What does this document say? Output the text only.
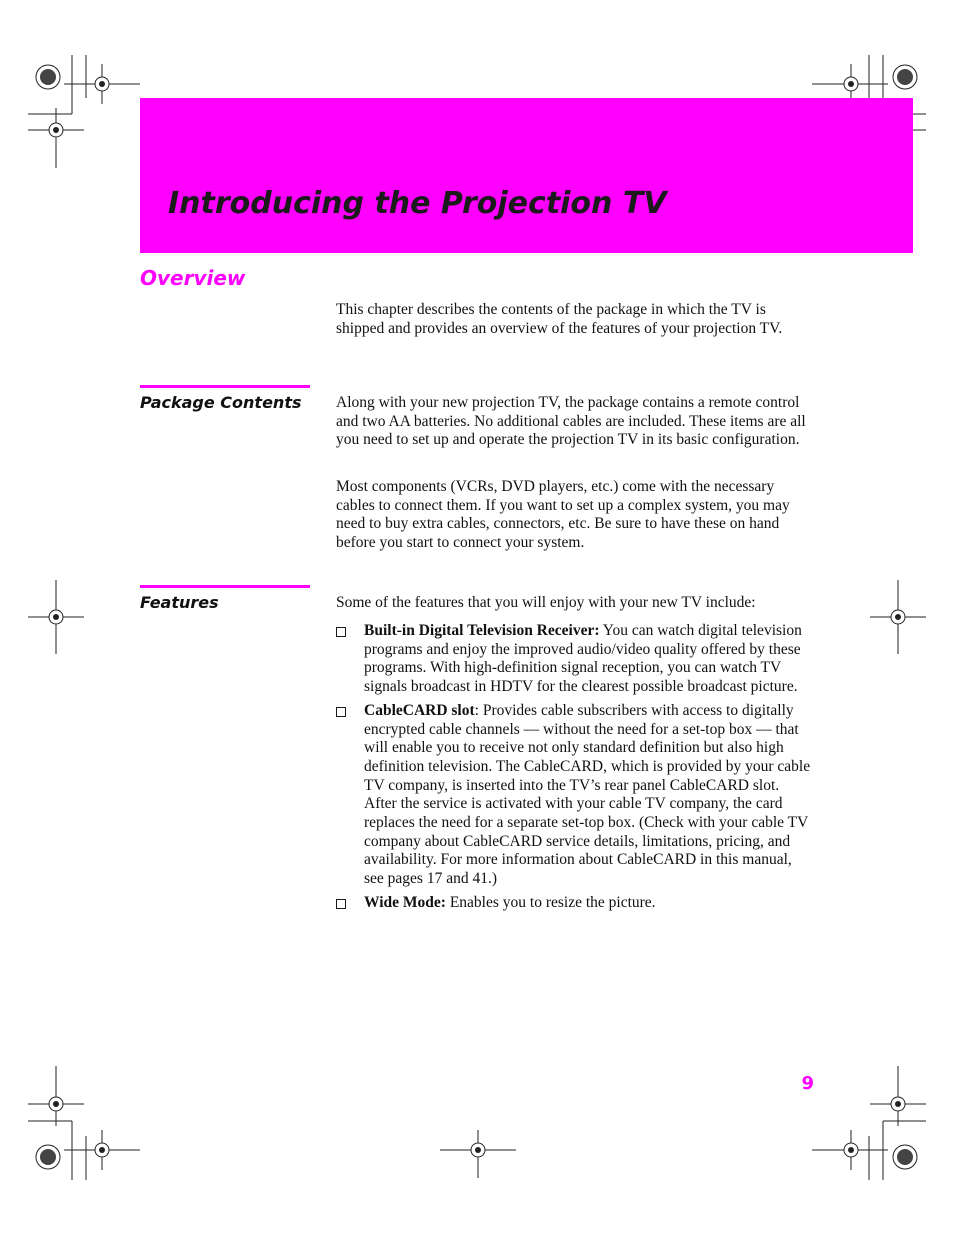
Introducing the Projection TV
Overview

This chapter describes the contents of the package in which the TV is shipped and provides an overview of the features of your projection TV.

Package Contents Along with your new projection TV, the package contains a remote control and two AA batteries. No additional cables are included. These items are all you need to set up and operate the projection TV in its basic configuration.

Most components (VCRs, DVD players, etc.) come with the necessary cables to connect them. If you want to set up a complex system, you may need to buy extra cables, connectors, etc. Be sure to have these on hand before you start to connect your system.

Features	Some of the features that you will enjoy with your new TV include:

Built-in Digital Television Receiver: You can watch digital television programs and enjoy the improved audio/video quality offered by these programs. With high-definition signal reception, you can watch TV signals broadcast in HDTV for the clearest possible broadcast picture.
CableCARD slot: Provides cable subscribers with access to digitally encrypted cable channels — without the need for a set-top box — that will enable you to receive not only standard definition but also high definition television. The CableCARD, which is provided by your cable TV company, is inserted into the TV’s rear panel CableCARD slot. After the service is activated with your cable TV company, the card replaces the need for a separate set-top box. (Check with your cable TV company about CableCARD service details, limitations, pricing, and availability. For more information about CableCARD in this manual, see pages 17 and 41.)
Wide Mode: Enables you to resize the picture.

9
